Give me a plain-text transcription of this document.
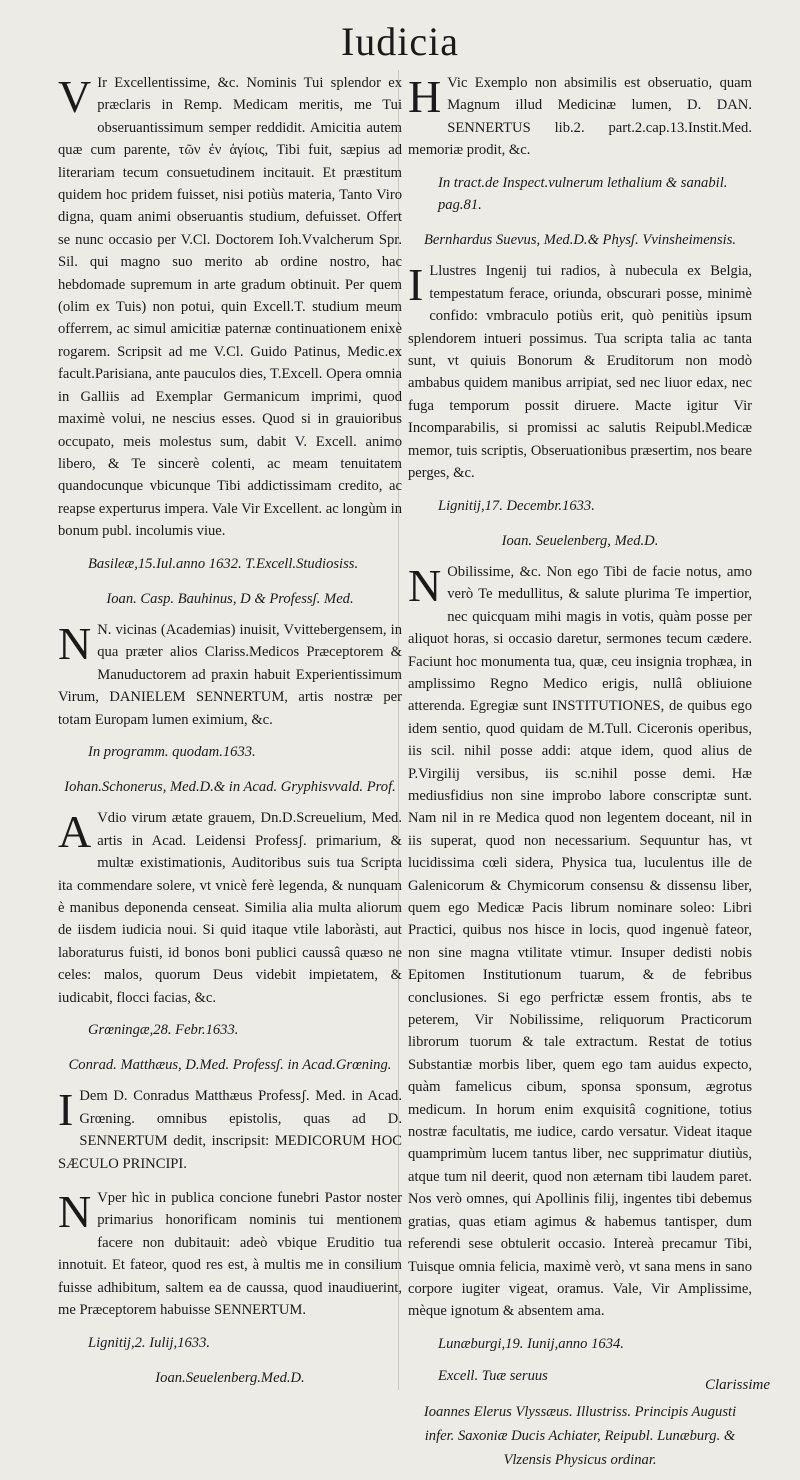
Iudicia

V Ir Excellentissime, &c. Nominis Tui splendor ex præclaris in Remp. Medicam meritis, me Tui obseruantissimum semper reddidit. Amicitia autem quæ cum parente, τῶν ἐν ἁγίοις, Tibi fuit, sæpius ad literariam tecum consuetudinem incitauit. Et præstitum quidem hoc pridem fuisset, nisi potiùs materia, Tanto Viro digna, quam animi obseruantis studium, defuisset. Offert se nunc occasio per V.Cl. Doctorem Ioh.Vvalcherum Spr. Sil. qui magno suo merito ab ordine nostro, hac hebdomade supremum in arte gradum obtinuit. Per quem (olim ex Tuis) non potui, quin Excell.T. studium meum offerrem, ac simul amicitiæ paternæ continuationem enixè rogarem. Scripsit ad me V.Cl. Guido Patinus, Medic.ex facult.Parisiana, ante pauculos dies, T.Excell. Opera omnia in Galliis ad Exemplar Germanicum imprimi, quod maximè volui, ne nescius esses. Quod si in grauioribus occupato, meis molestus sum, dabit V. Excell. animo libero, & Te sincerè colenti, ac meam tenuitatem quandocunque vbicunque Tibi addictissimam credito, ac reapse experturus impera. Vale Vir Excellent. ac longùm in bonum publ. incolumis viue.

Basileæ,15.Iul.anno 1632. T.Excell.Studiosiss.
Ioan. Casp. Bauhinus, D & Professʃ. Med.

N N. vicinas (Academias) inuisit, Vvittebergensem, in qua præter alios Clariss.Medicos Præceptorem & Manuductorem ad praxin habuit Experientissimum Virum, DANIELEM SENNERTUM, artis nostræ per totam Europam lumen eximium, &c.

In programm. quodam.1633.
Iohan.Schonerus, Med.D.& in Acad. Gryphisvvald. Prof.

A Vdio virum ætate grauem, Dn.D.Screuelium, Med. artis in Acad. Leidensi Professʃ. primarium, & multæ existimationis, Auditoribus suis tua Scripta ita commendare solere, vt vnicè ferè legenda, & nunquam è manibus deponenda censeat. Similia alia multa aliorum de iisdem iudicia noui. Si quid itaque vtile laboràsti, aut laboraturus fuisti, id bonos boni publici caussâ quæso ne celes: malos, quorum Deus videbit impietatem, & iudicabit, flocci facias, &c.

Grœningæ,28. Febr.1633.
Conrad. Matthæus, D.Med. Professʃ. in Acad.Grœning.

I Dem D. Conradus Matthæus Professʃ. Med. in Acad. Grœning. omnibus epistolis, quas ad D. SENNERTUM dedit, inscripsit: MEDICORUM HOC SÆCULO PRINCIPI.

N Vper hìc in publica concione funebri Pastor noster primarius honorificam nominis tui mentionem facere non dubitauit: adeò vbique Eruditio tua innotuit. Et fateor, quod res est, à multis me in consilium fuisse adhibitum, saltem ea de caussa, quod inaudiuerint, me Præceptorem habuisse SENNERTUM.

Lignitij,2. Iulij,1633.
Ioan.Seuelenberg.Med.D.

H Vic Exemplo non absimilis est obseruatio, quam Magnum illud Medicinæ lumen, D. DAN. SENNERTUS lib.2. part.2.cap.13.Instit.Med. memoriæ prodit, &c.

In tract.de Inspect.vulnerum lethalium & sanabil. pag.81.
Bernhardus Suevus, Med.D.& Physʃ. Vvinsheimensis.

I Llustres Ingenij tui radios, à nubecula ex Belgia, tempestatum ferace, oriunda, obscurari posse, minimè confido: vmbraculo potiùs erit, quò penitiùs ipsum splendorem intueri possimus. Tua scripta talia ac tanta sunt, vt quiuis Bonorum & Eruditorum non modò ambabus quidem manibus arripiat, sed nec liuor edax, nec fuga temporum possit diruere. Macte igitur Vir Incomparabilis, si promissi ac salutis Reipubl.Medicæ memor, tuis scriptis, Obseruationibus præsertim, nos beare perges, &c.

Lignitij,17. Decembr.1633.
Ioan. Seuelenberg, Med.D.

N Obilissime, &c. Non ego Tibi de facie notus, amo verò Te medullitus, & salute plurima Te impertior, nec quicquam mihi magis in votis, quàm posse per aliquot horas, si occasio daretur, sermones tecum cædere. Faciunt hoc monumenta tua, quæ, ceu insignia trophæa, in amplissimo Regno Medico erigis, nullâ obliuione atterenda. Egregiæ sunt INSTITUTIONES, de quibus ego idem sentio, quod quidam de M.Tull. Ciceronis operibus, iis scil. nihil posse addi: atque idem, quod alius de P.Virgilij versibus, iis sc.nihil posse demi. Hæ mediusfidius non sine improbo labore conscriptæ sunt. Nam nil in re Medica quod non legentem doceant, nil in iis superat, quod non necessarium. Sequuntur has, vt lucidissima cœli sidera, Physica tua, luculentus ille de Galenicorum & Chymicorum consensu & dissensu liber, quem ego Medicæ Pacis librum nominare soleo: Libri Practici, quibus nos hisce in locis, quod ingenuè fateor, non sine magna vtilitate vtimur. Insuper dedisti nobis Epitomen Institutionum tuarum, & de febribus conclusiones. Si ego perfrictæ essem frontis, abs te peterem, Vir Nobilissime, reliquorum Practicorum librorum tuorum & tale extractum. Restat de totius Substantiæ morbis liber, quem ego tam auidus expecto, quàm famelicus cibum, sponsa sponsum, ægrotus medicum. In horum enim exquisitâ cognitione, totius nostræ facultatis, me iudice, cardo versatur. Videat itaque quamprimùm lucem tantus liber, nec supprimatur diutiùs, atque tum nil deerit, quod non æternam tibi laudem paret. Nos verò omnes, qui Apollinis filij, ingentes tibi debemus gratias, quas etiam agimus & habemus tantisper, dum referendi sese obtulerit occasio. Intereà precamur Tibi, Tuisque omnia felicia, maximè verò, vt sana mens in sano corpore iugiter vigeat, oramus. Vale, Vir Amplissime, mèque ignotum & absentem ama.

Lunæburgi,19. Iunij,anno 1634.
Excell. Tuæ seruus
Ioannes Elerus Vlyssæus. Illustriss. Principis Augusti infer. Saxoniæ Ducis Achiater, Reipubl. Lunæburg. & Vlzensis Physicus ordinar.
Clarissime
